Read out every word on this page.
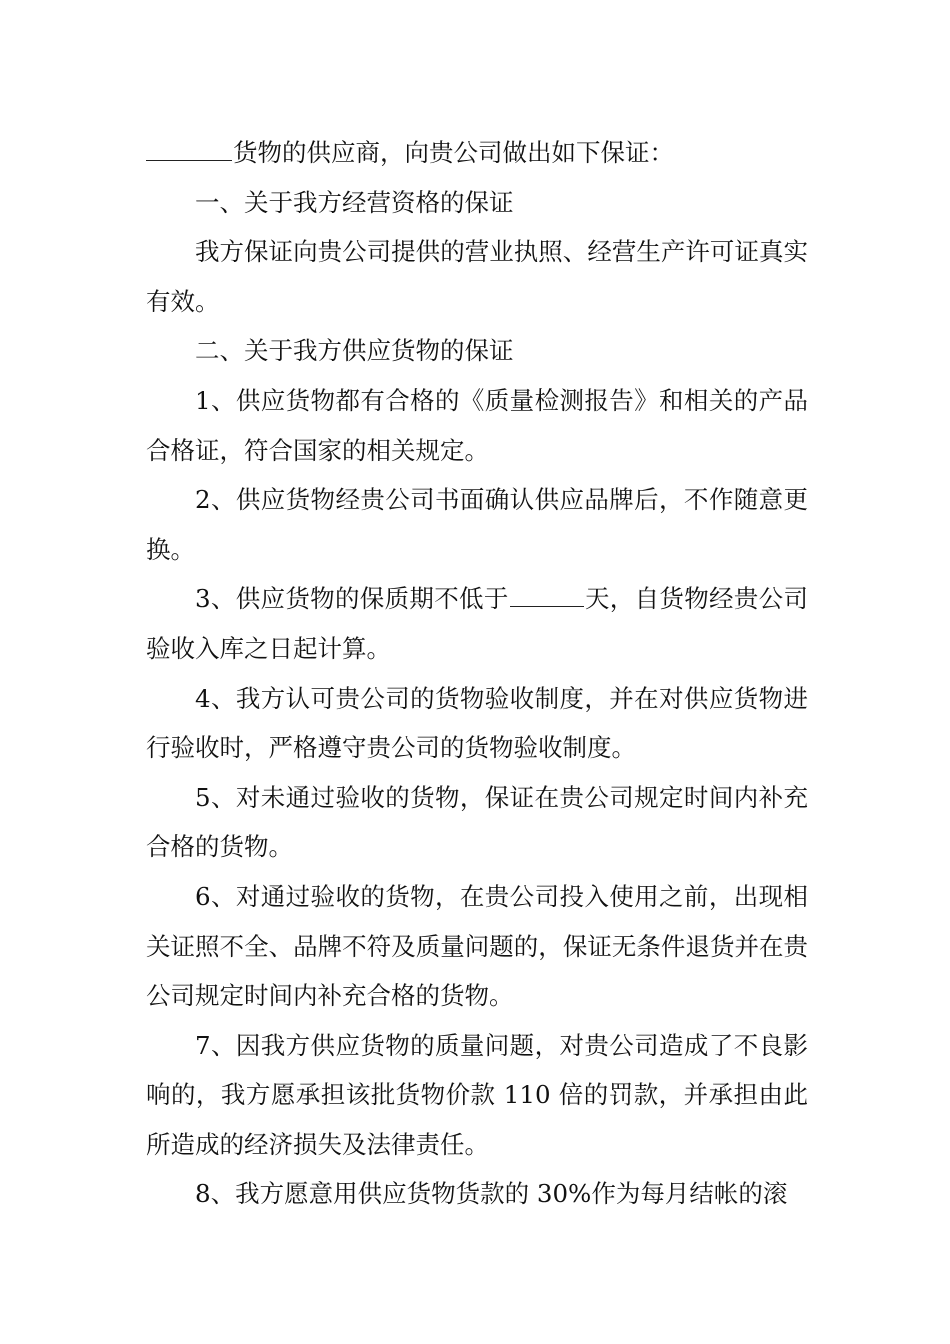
货物的供应商，向贵公司做出如下保证：

一、关于我方经营资格的保证

我方保证向贵公司提供的营业执照、经营生产许可证真实有效。

二、关于我方供应货物的保证

1、供应货物都有合格的《质量检测报告》和相关的产品合格证，符合国家的相关规定。

2、供应货物经贵公司书面确认供应品牌后，不作随意更换。

3、供应货物的保质期不低于	天，自货物经贵公司验收入库之日起计算。

4、我方认可贵公司的货物验收制度，并在对供应货物进行验收时，严格遵守贵公司的货物验收制度。

5、对未通过验收的货物，保证在贵公司规定时间内补充合格的货物。

6、对通过验收的货物，在贵公司投入使用之前，出现相关证照不全、品牌不符及质量问题的，保证无条件退货并在贵公司规定时间内补充合格的货物。

7、因我方供应货物的质量问题，对贵公司造成了不良影响的，我方愿承担该批货物价款 110 倍的罚款，并承担由此所造成的经济损失及法律责任。

8、我方愿意用供应货物货款的 30%作为每月结帐的滚
